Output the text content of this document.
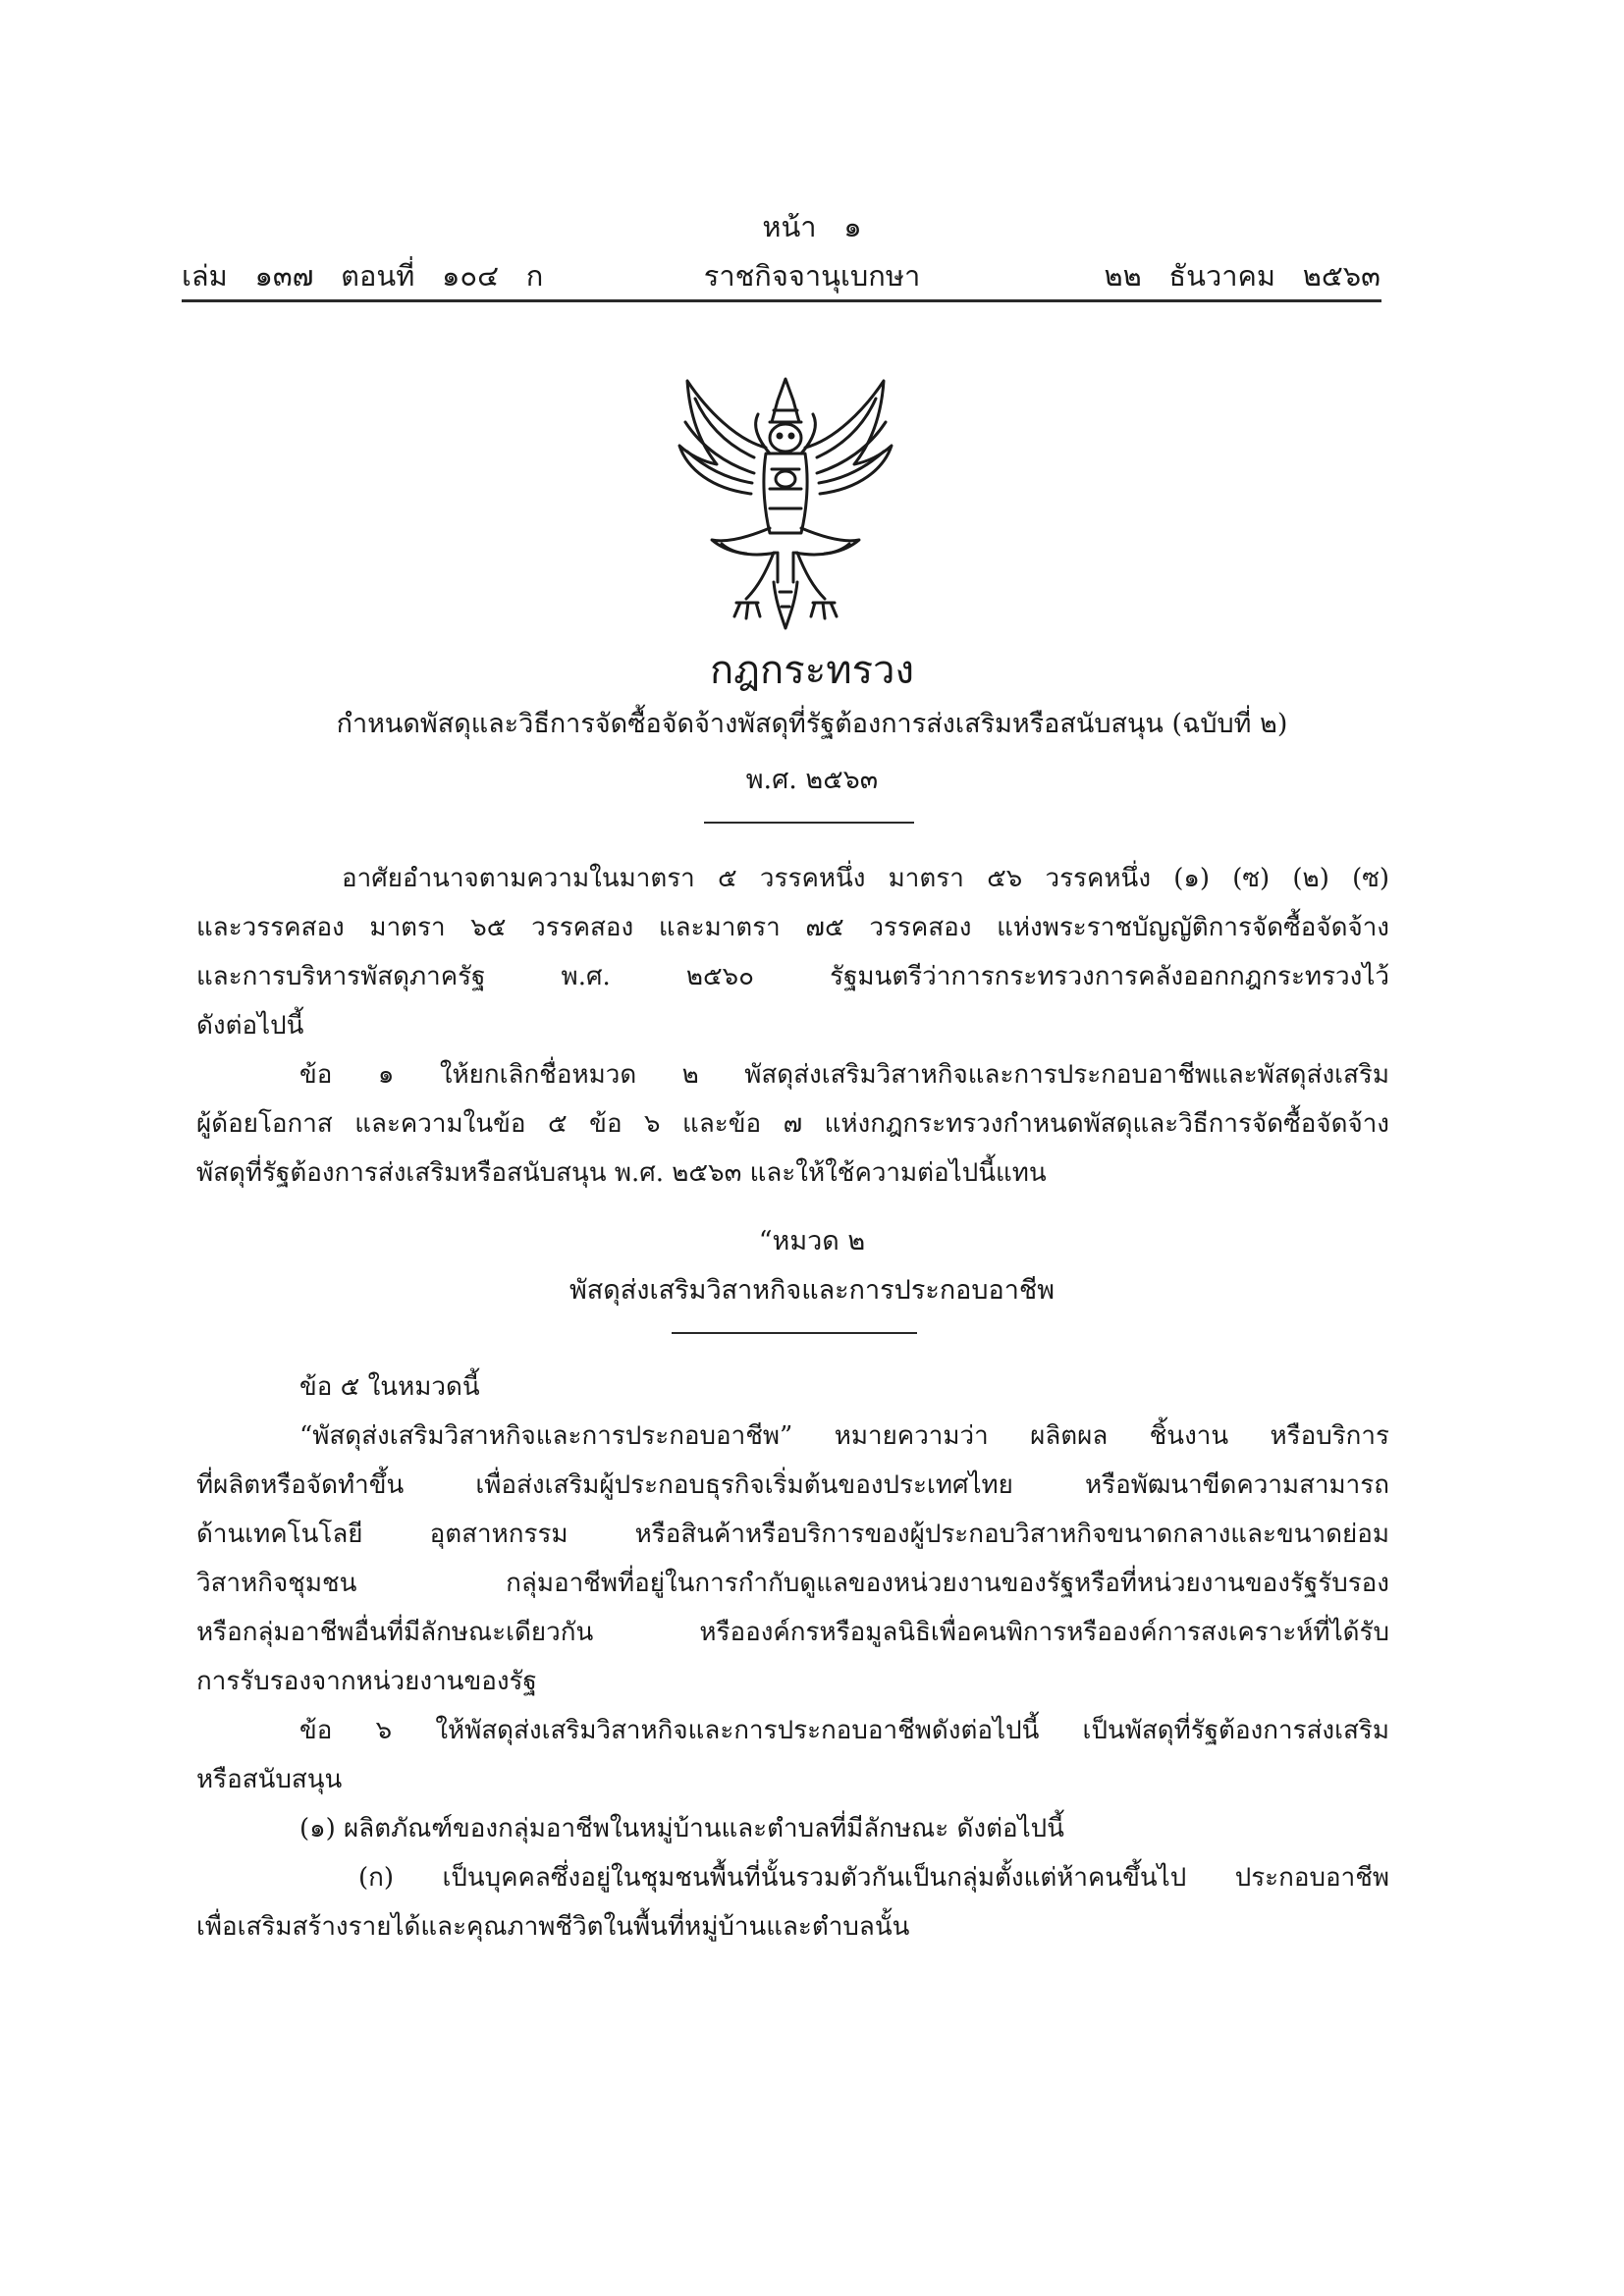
หน้า   ๑
เล่ม   ๑๓๗   ตอนที่   ๑๐๔   ก	ราชกิจจานุเบกษา	๒๒   ธันวาคม   ๒๕๖๓
กฎกระทรวง
กำหนดพัสดุและวิธีการจัดซื้อจัดจ้างพัสดุที่รัฐต้องการส่งเสริมหรือสนับสนุน (ฉบับที่ ๒)
พ.ศ. ๒๕๖๓
อาศัยอำนาจตามความในมาตรา ๕ วรรคหนึ่ง มาตรา ๕๖ วรรคหนึ่ง (๑) (ซ) (๒) (ซ)
และวรรคสอง มาตรา ๖๕ วรรคสอง และมาตรา ๗๕ วรรคสอง แห่งพระราชบัญญัติการจัดซื้อจัดจ้าง
และการบริหารพัสดุภาครัฐ พ.ศ. ๒๕๖๐ รัฐมนตรีว่าการกระทรวงการคลังออกกฎกระทรวงไว้
ดังต่อไปนี้
ข้อ ๑ ให้ยกเลิกชื่อหมวด ๒ พัสดุส่งเสริมวิสาหกิจและการประกอบอาชีพและพัสดุส่งเสริม
ผู้ด้อยโอกาส และความในข้อ ๕ ข้อ ๖ และข้อ ๗ แห่งกฎกระทรวงกำหนดพัสดุและวิธีการจัดซื้อจัดจ้าง
พัสดุที่รัฐต้องการส่งเสริมหรือสนับสนุน พ.ศ. ๒๕๖๓ และให้ใช้ความต่อไปนี้แทน
“หมวด ๒
พัสดุส่งเสริมวิสาหกิจและการประกอบอาชีพ
ข้อ ๕ ในหมวดนี้
“พัสดุส่งเสริมวิสาหกิจและการประกอบอาชีพ” หมายความว่า ผลิตผล ชิ้นงาน หรือบริการ
ที่ผลิตหรือจัดทำขึ้น เพื่อส่งเสริมผู้ประกอบธุรกิจเริ่มต้นของประเทศไทย หรือพัฒนาขีดความสามารถ
ด้านเทคโนโลยี อุตสาหกรรม หรือสินค้าหรือบริการของผู้ประกอบวิสาหกิจขนาดกลางและขนาดย่อม
วิสาหกิจชุมชน กลุ่มอาชีพที่อยู่ในการกำกับดูแลของหน่วยงานของรัฐหรือที่หน่วยงานของรัฐรับรอง
หรือกลุ่มอาชีพอื่นที่มีลักษณะเดียวกัน หรือองค์กรหรือมูลนิธิเพื่อคนพิการหรือองค์การสงเคราะห์ที่ได้รับ
การรับรองจากหน่วยงานของรัฐ
ข้อ ๖ ให้พัสดุส่งเสริมวิสาหกิจและการประกอบอาชีพดังต่อไปนี้ เป็นพัสดุที่รัฐต้องการส่งเสริม
หรือสนับสนุน
(๑) ผลิตภัณฑ์ของกลุ่มอาชีพในหมู่บ้านและตำบลที่มีลักษณะ ดังต่อไปนี้
(ก) เป็นบุคคลซึ่งอยู่ในชุมชนพื้นที่นั้นรวมตัวกันเป็นกลุ่มตั้งแต่ห้าคนขึ้นไป ประกอบอาชีพ
เพื่อเสริมสร้างรายได้และคุณภาพชีวิตในพื้นที่หมู่บ้านและตำบลนั้น
